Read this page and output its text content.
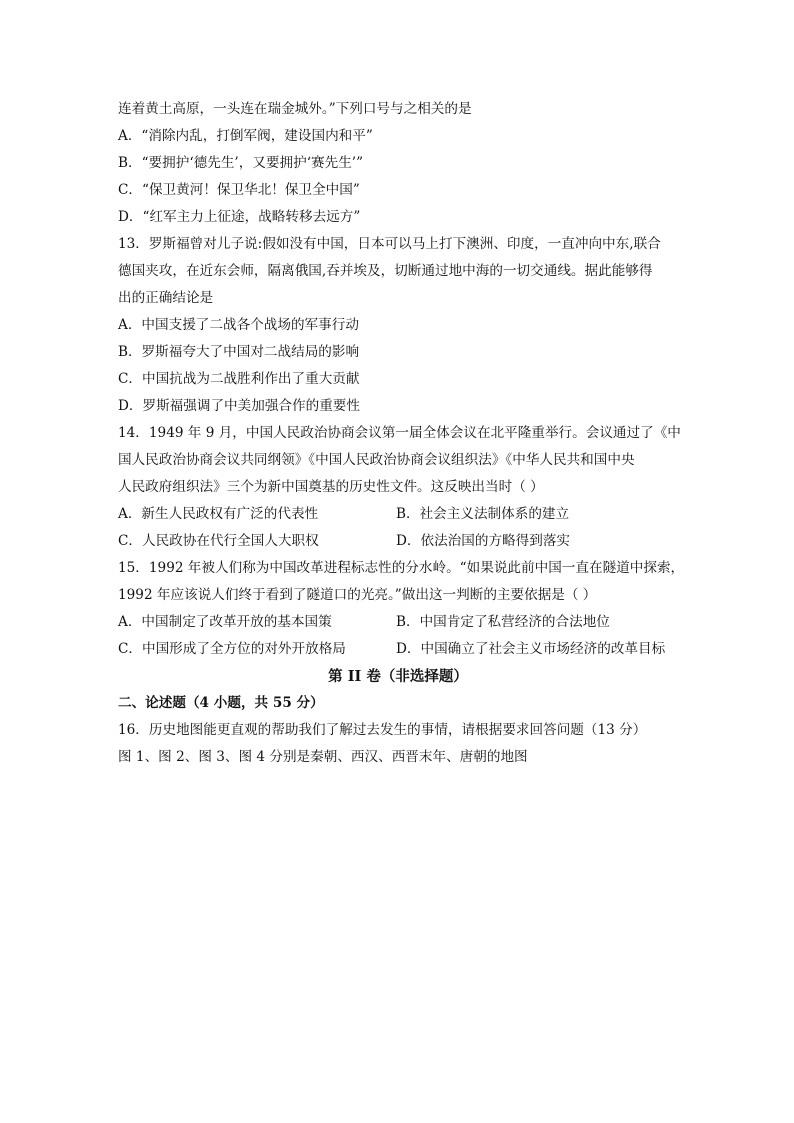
连着黄土高原，一头连在瑞金城外。”下列口号与之相关的是
A．“消除内乱，打倒军阀，建设国内和平”
B．“要拥护‘德先生’，又要拥护‘赛先生’”
C．“保卫黄河！保卫华北！保卫全中国”
D．“红军主力上征途，战略转移去远方”
13．罗斯福曾对儿子说:假如没有中国，日本可以马上打下澳洲、印度，一直冲向中东,联合
德国夹攻，在近东会师，隔离俄国,吞并埃及，切断通过地中海的一切交通线。据此能够得
出的正确结论是
A．中国支援了二战各个战场的军事行动
B．罗斯福夸大了中国对二战结局的影响
C．中国抗战为二战胜利作出了重大贡献
D．罗斯福强调了中美加强合作的重要性
14．1949 年 9 月，中国人民政治协商会议第一届全体会议在北平隆重举行。会议通过了《中
国人民政治协商会议共同纲领》《中国人民政治协商会议组织法》《中华人民共和国中央
人民政府组织法》三个为新中国奠基的历史性文件。这反映出当时（ ）
A．新生人民政权有广泛的代表性	B．社会主义法制体系的建立
C．人民政协在代行全国人大职权	D．依法治国的方略得到落实
15．1992 年被人们称为中国改革进程标志性的分水岭。“如果说此前中国一直在隧道中探索，
1992 年应该说人们终于看到了隧道口的光亮。”做出这一判断的主要依据是（ ）
A．中国制定了改革开放的基本国策	B．中国肯定了私营经济的合法地位
C．中国形成了全方位的对外开放格局	D．中国确立了社会主义市场经济的改革目标
第 II 卷（非选择题）
二、论述题（4 小题，共 55 分）
16．历史地图能更直观的帮助我们了解过去发生的事情，请根据要求回答问题（13 分）
图 1、图 2、图 3、图 4 分别是秦朝、西汉、西晋末年、唐朝的地图
